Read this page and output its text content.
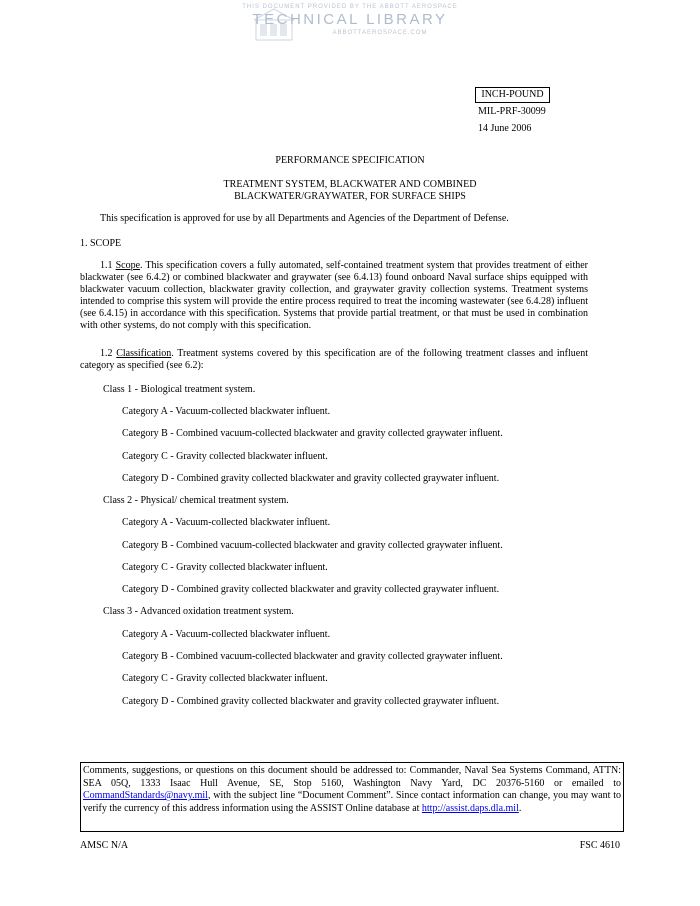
THIS DOCUMENT PROVIDED BY THE ABBOTT AEROSPACE
TECHNICAL LIBRARY
ABBOTTAEROSPACE.COM
INCH-POUND
MIL-PRF-30099
14 June 2006
PERFORMANCE SPECIFICATION
TREATMENT SYSTEM, BLACKWATER AND COMBINED
BLACKWATER/GRAYWATER, FOR SURFACE SHIPS
This specification is approved for use by all Departments and Agencies of the Department of Defense.
1. SCOPE
1.1 Scope. This specification covers a fully automated, self-contained treatment system that provides treatment of either blackwater (see 6.4.2) or combined blackwater and graywater (see 6.4.13) found onboard Naval surface ships equipped with blackwater vacuum collection, blackwater gravity collection, and graywater gravity collection systems. Treatment systems intended to comprise this system will provide the entire process required to treat the incoming wastewater (see 6.4.28) influent (see 6.4.15) in accordance with this specification. Systems that provide partial treatment, or that must be used in combination with other systems, do not comply with this specification.
1.2 Classification. Treatment systems covered by this specification are of the following treatment classes and influent category as specified (see 6.2):
Class 1 - Biological treatment system.
Category A - Vacuum-collected blackwater influent.
Category B - Combined vacuum-collected blackwater and gravity collected graywater influent.
Category C - Gravity collected blackwater influent.
Category D - Combined gravity collected blackwater and gravity collected graywater influent.
Class 2 - Physical/ chemical treatment system.
Category A - Vacuum-collected blackwater influent.
Category B - Combined vacuum-collected blackwater and gravity collected graywater influent.
Category C - Gravity collected blackwater influent.
Category D - Combined gravity collected blackwater and gravity collected graywater influent.
Class 3 - Advanced oxidation treatment system.
Category A - Vacuum-collected blackwater influent.
Category B - Combined vacuum-collected blackwater and gravity collected graywater influent.
Category C - Gravity collected blackwater influent.
Category D - Combined gravity collected blackwater and gravity collected graywater influent.
Comments, suggestions, or questions on this document should be addressed to: Commander, Naval Sea Systems Command, ATTN: SEA 05Q, 1333 Isaac Hull Avenue, SE, Stop 5160, Washington Navy Yard, DC 20376-5160 or emailed to CommandStandards@navy.mil, with the subject line “Document Comment”. Since contact information can change, you may want to verify the currency of this address information using the ASSIST Online database at http://assist.daps.dla.mil.
AMSC N/A	FSC 4610
